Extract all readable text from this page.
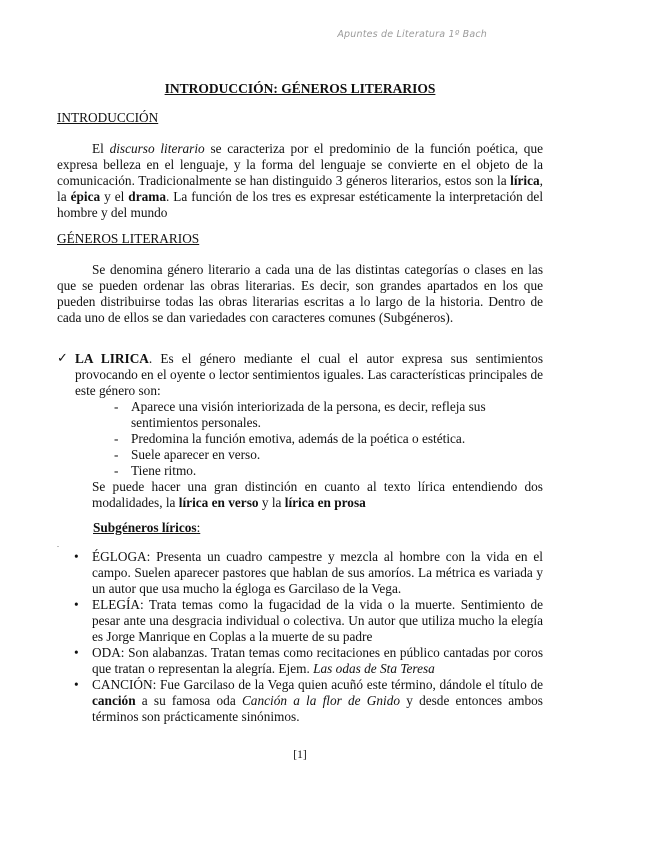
Apuntes de Literatura 1º Bach
INTRODUCCIÓN: GÉNEROS LITERARIOS
INTRODUCCIÓN

El discurso literario se caracteriza por el predominio de la función poética, que expresa belleza en el lenguaje, y la forma del lenguaje se convierte en el objeto de la comunicación. Tradicionalmente se han distinguido 3 géneros literarios, estos son la lírica, la épica y el drama. La función de los tres es expresar estéticamente la interpretación del hombre y del mundo

GÉNEROS LITERARIOS

Se denomina género literario a cada una de las distintas categorías o clases en las que se pueden ordenar las obras literarias. Es decir, son grandes apartados en los que pueden distribuirse todas las obras literarias escritas a lo largo de la historia. Dentro de cada uno de ellos se dan variedades con caracteres comunes (Subgéneros).

✓ LA LIRICA. Es el género mediante el cual el autor expresa sus sentimientos provocando en el oyente o lector sentimientos iguales. Las características principales de este género son:
- Aparece una visión interiorizada de la persona, es decir, refleja sus sentimientos personales.
- Predomina la función emotiva, además de la poética o estética.
- Suele aparecer en verso.
- Tiene ritmo.
Se puede hacer una gran distinción en cuanto al texto lírica entendiendo dos modalidades, la lírica en verso y la lírica en prosa
Subgéneros líricos:
.
• ÉGLOGA: Presenta un cuadro campestre y mezcla al hombre con la vida en el campo. Suelen aparecer pastores que hablan de sus amoríos. La métrica es variada y un autor que usa mucho la égloga es Garcilaso de la Vega.
• ELEGÍA: Trata temas como la fugacidad de la vida o la muerte. Sentimiento de pesar ante una desgracia individual o colectiva. Un autor que utiliza mucho la elegía es Jorge Manrique en Coplas a la muerte de su padre
• ODA: Son alabanzas. Tratan temas como recitaciones en público cantadas por coros que tratan o representan la alegría. Ejem. Las odas de Sta Teresa
• CANCIÓN: Fue Garcilaso de la Vega quien acuñó este término, dándole el título de canción a su famosa oda Canción a la flor de Gnido y desde entonces ambos términos son prácticamente sinónimos.
[1]
